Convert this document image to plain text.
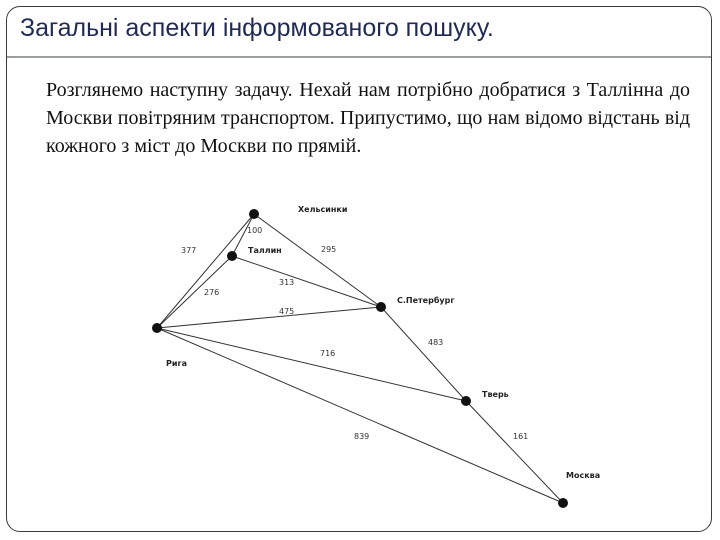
Загальні аспекти інформованого пошуку.
Розглянемо наступну задачу. Нехай нам потрібно добратися з Таллінна до Москви повітряним транспортом. Припустимо, що нам відомо відстань від кожного з міст до Москви по прямій.
100
377	295
313
276
475
716
839
483
161
Хельсинки
Таллин
С.Петербург
Рига
Тверь
Москва
